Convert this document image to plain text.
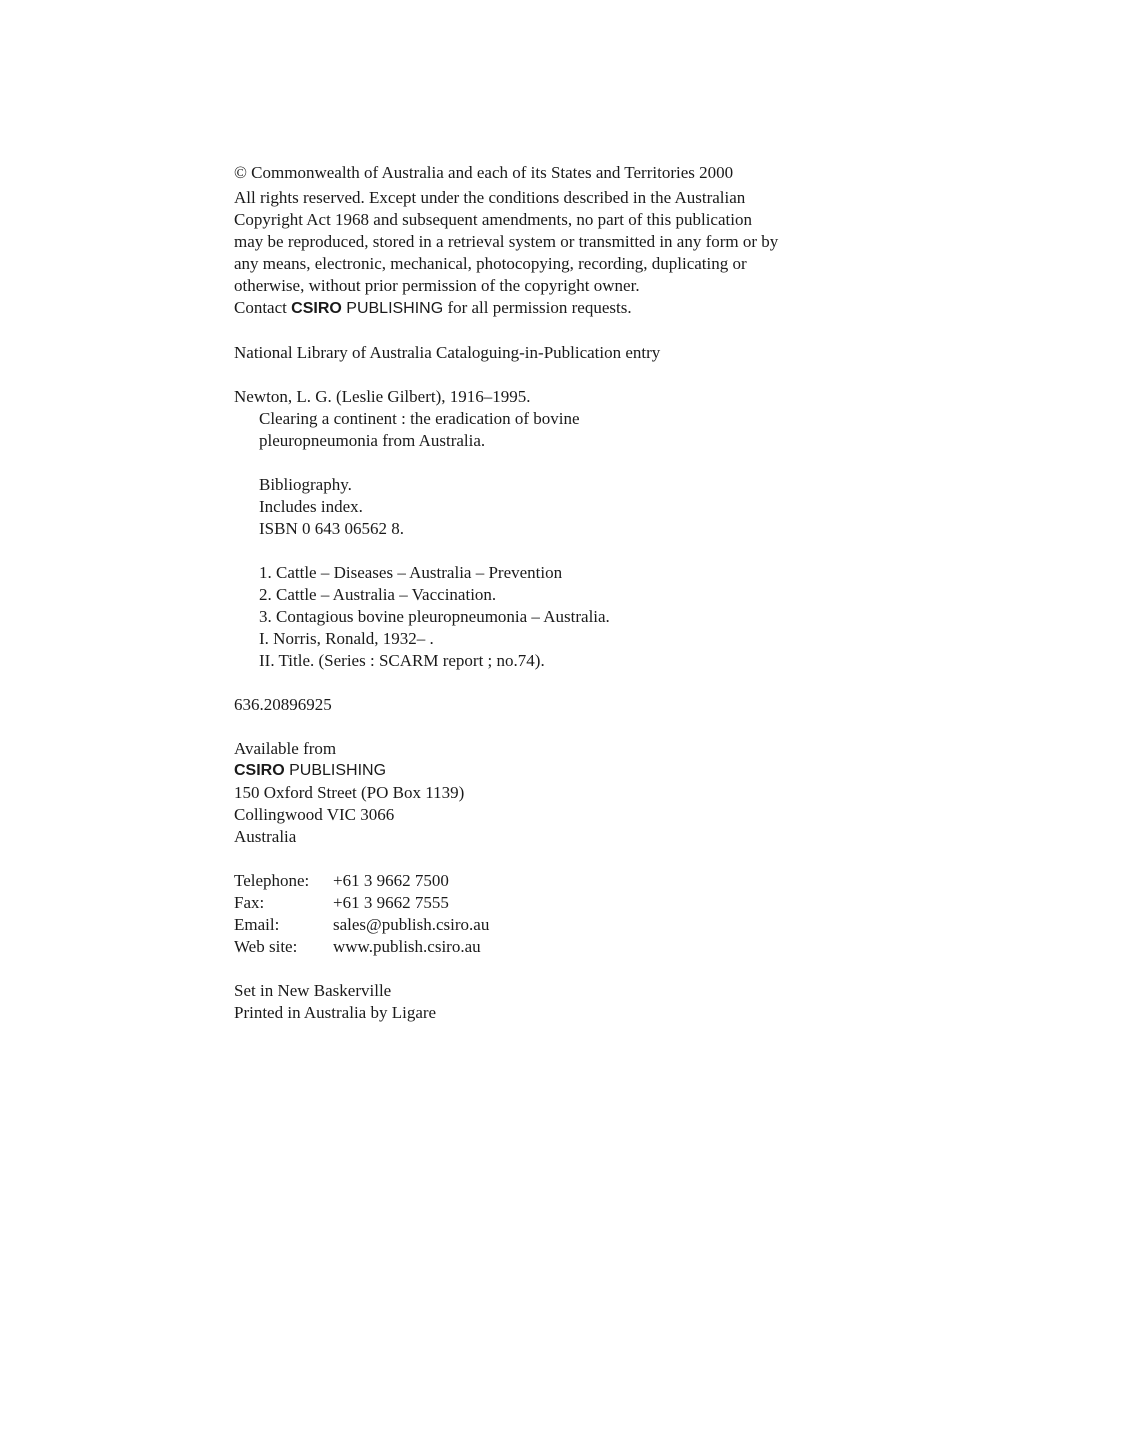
© Commonwealth of Australia and each of its States and Territories 2000
All rights reserved. Except under the conditions described in the Australian
Copyright Act 1968 and subsequent amendments, no part of this publication
may be reproduced, stored in a retrieval system or transmitted in any form or by
any means, electronic, mechanical, photocopying, recording, duplicating or
otherwise, without prior permission of the copyright owner.
Contact CSIRO PUBLISHING for all permission requests.
National Library of Australia Cataloguing-in-Publication entry
Newton, L. G. (Leslie Gilbert), 1916–1995.
Clearing a continent : the eradication of bovine
pleuropneumonia from Australia.
Bibliography.
Includes index.
ISBN 0 643 06562 8.
1. Cattle – Diseases – Australia – Prevention
2. Cattle – Australia – Vaccination.
3. Contagious bovine pleuropneumonia – Australia.
I. Norris, Ronald, 1932– .
II. Title. (Series : SCARM report ; no.74).
636.20896925
Available from
CSIRO PUBLISHING
150 Oxford Street (PO Box 1139)
Collingwood VIC 3066
Australia
Telephone:	+61 3 9662 7500
Fax:	+61 3 9662 7555
Email:	sales@publish.csiro.au
Web site:	www.publish.csiro.au
Set in New Baskerville
Printed in Australia by Ligare
